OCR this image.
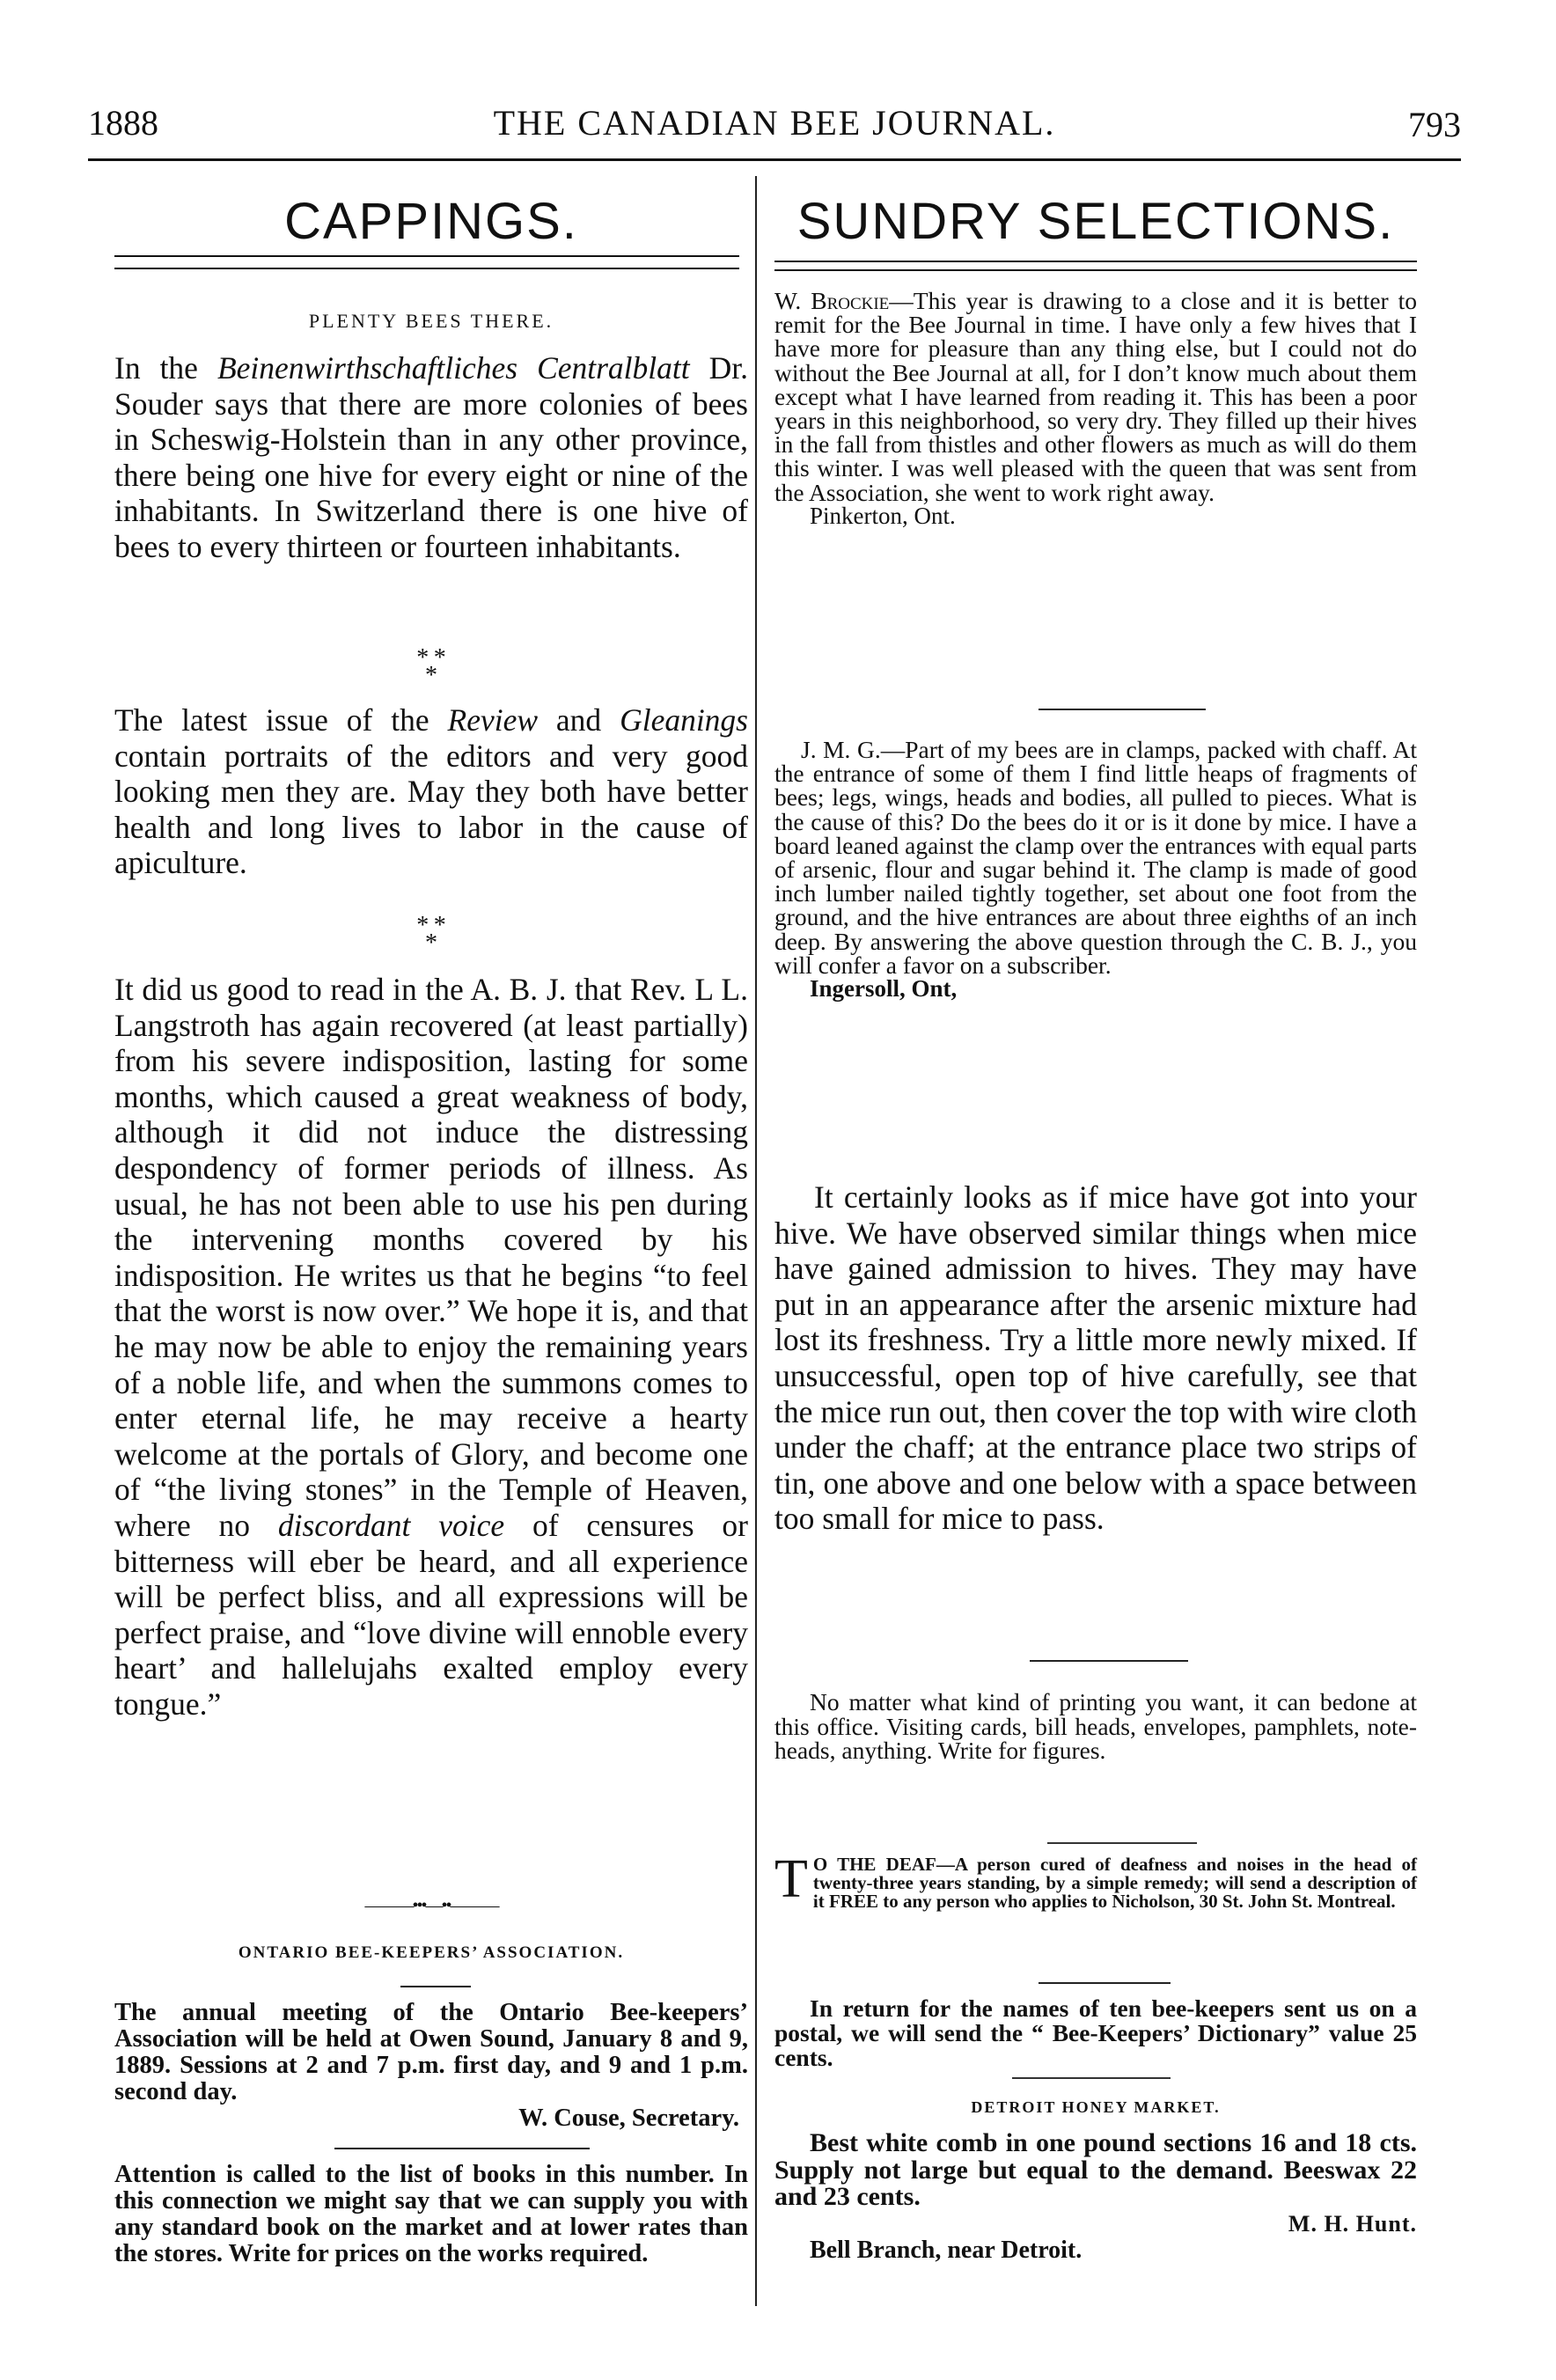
1888	THE CANADIAN BEE JOURNAL.	793
CAPPINGS.
PLENTY BEES THERE.

In the Beinenwirthschaftliches Centralblatt Dr. Souder says that there are more colonies of bees in Scheswig-Holstein than in any other province, there being one hive for every eight or nine of the inhabitants. In Switzerland there is one hive of bees to every thirteen or fourteen inhabitants.

* *
*

The latest issue of the Review and Gleanings contain portraits of the editors and very good looking men they are. May they both have better health and long lives to labor in the cause of apiculture.

* *
*

It did us good to read in the A. B. J. that Rev. L L. Langstroth has again recovered (at least partially) from his severe indisposition, lasting for some months, which caused a great weakness of body, although it did not induce the distressing despondency of former periods of illness. As usual, he has not been able to use his pen during the intervening months covered by his indisposition. He writes us that he begins “to feel that the worst is now over.” We hope it is, and that he may now be able to enjoy the remaining years of a noble life, and when the summons comes to enter eternal life, he may receive a hearty welcome at the portals of Glory, and become one of “the living stones” in the Temple of Heaven, where no discordant voice of censures or bitterness will eber be heard, and all experience will be perfect bliss, and all expressions will be perfect praise, and “love divine will ennoble every heart’ and hallelujahs exalted employ every tongue.”

———•••—••———
ONTARIO BEE-KEEPERS’ ASSOCIATION.

The annual meeting of the Ontario Bee-keepers’ Association will be held at Owen Sound, January 8 and 9, 1889. Sessions at 2 and 7 p.m. first day, and 9 and 1 p.m. second day.

W. Couse, Secretary.

Attention is called to the list of books in this number. In this connection we might say that we can supply you with any standard book on the market and at lower rates than the stores. Write for prices on the works required.

SUNDRY SELECTIONS.

W. Brockie—This year is drawing to a close and it is better to remit for the Bee Journal in time. I have only a few hives that I have more for pleasure than any thing else, but I could not do without the Bee Journal at all, for I don’t know much about them except what I have learned from reading it. This has been a poor years in this neighborhood, so very dry. They filled up their hives in the fall from thistles and other flowers as much as will do them this winter. I was well pleased with the queen that was sent from the Association, she went to work right away.

Pinkerton, Ont.

J. M. G.—Part of my bees are in clamps, packed with chaff. At the entrance of some of them I find little heaps of fragments of bees; legs, wings, heads and bodies, all pulled to pieces. What is the cause of this? Do the bees do it or is it done by mice. I have a board leaned against the clamp over the entrances with equal parts of arsenic, flour and sugar behind it. The clamp is made of good inch lumber nailed tightly together, set about one foot from the ground, and the hive entrances are about three eighths of an inch deep. By answering the above question through the C. B. J., you will confer a favor on a subscriber.

Ingersoll, Ont,

It certainly looks as if mice have got into your hive. We have observed similar things when mice have gained admission to hives. They may have put in an appearance after the arsenic mixture had lost its freshness. Try a little more newly mixed. If unsuccessful, open top of hive carefully, see that the mice run out, then cover the top with wire cloth under the chaff; at the entrance place two strips of tin, one above and one below with a space between too small for mice to pass.

No matter what kind of printing you want, it can bedone at this office. Visiting cards, bill heads, envelopes, pamphlets, note-heads, anything. Write for figures.

T O THE DEAF—A person cured of deafness and noises in the head of twenty-three years standing, by a simple remedy; will send a description of it FREE to any person who applies to Nicholson, 30 St. John St. Montreal.

In return for the names of ten bee-keepers sent us on a postal, we will send the “ Bee-Keepers’ Dictionary” value 25 cents.

DETROIT HONEY MARKET.

Best white comb in one pound sections 16 and 18 cts. Supply not large but equal to the demand. Beeswax 22 and 23 cents.

M. H. Hunt.

Bell Branch, near Detroit.
